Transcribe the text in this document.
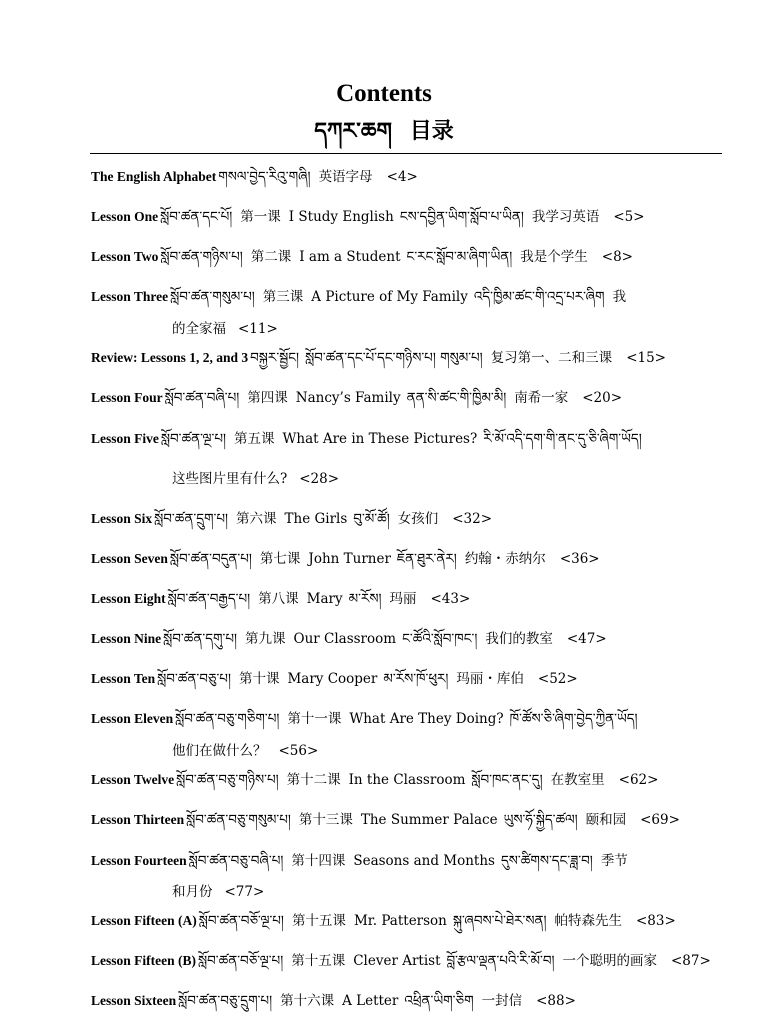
Contents
དཀར་ཆག 目录
The English Alphabet གསལ་བྱེད་རིའུ་གཞི། 英语字母 <4>
Lesson One སློབ་ཚན་དང་པོ། 第一课 I Study English ངས་དབྱིན་ཡིག་སློབ་པ་ཡིན། 我学习英语 <5>
Lesson Two སློབ་ཚན་གཉིས་པ། 第二课 I am a Student ང་རང་སློབ་མ་ཞིག་ཡིན། 我是个学生 <8>
Lesson Three སློབ་ཚན་གསུམ་པ། 第三课 A Picture of My Family འདི་ཁྱིམ་ཚང་གི་འདྲ་པར་ཞིག 我
的全家福 <11>
Review: Lessons 1, 2, and 3 བསྐྱར་སྦྱོང། སློབ་ཚན་དང་པོ་དང་གཉིས་པ། གསུམ་པ། 复习第一、二和三课 <15>
Lesson Four སློབ་ཚན་བཞི་པ། 第四课 Nancy’s Family ནན་སི་ཚང་གི་ཁྱིམ་མི། 南希一家 <20>
Lesson Five སློབ་ཚན་ལྔ་པ། 第五课 What Are in These Pictures? རི་མོ་འདི་དག་གི་ནང་དུ་ཅི་ཞིག་ཡོད།
这些图片里有什么? <28>
Lesson Six སློབ་ཚན་དྲུག་པ། 第六课 The Girls བུ་མོ་ཚོ། 女孩们 <32>
Lesson Seven སློབ་ཚན་བདུན་པ། 第七课 John Turner ཇོན་ཐུར་ནེར། 约翰・赤纳尔 <36>
Lesson Eight སློབ་ཚན་བརྒྱད་པ། 第八课 Mary མ་རོས། 玛丽 <43>
Lesson Nine སློབ་ཚན་དགུ་པ། 第九课 Our Classroom ང་ཚོའི་སློབ་ཁང་། 我们的教室 <47>
Lesson Ten སློབ་ཚན་བཅུ་པ། 第十课 Mary Cooper མ་རོས་ཁོ་ཕུར། 玛丽・库伯 <52>
Lesson Eleven སློབ་ཚན་བཅུ་གཅིག་པ། 第十一课 What Are They Doing? ཁོ་ཚོས་ཅི་ཞིག་བྱེད་ཀྱིན་ཡོད།
他们在做什么？ <56>
Lesson Twelve སློབ་ཚན་བཅུ་གཉིས་པ། 第十二课 In the Classroom སློབ་ཁང་ནང་དུ། 在教室里 <62>
Lesson Thirteen སློབ་ཚན་བཅུ་གསུམ་པ། 第十三课 The Summer Palace ཡུས་ཧོ་སྐྱིད་ཚལ། 颐和园 <69>
Lesson Fourteen སློབ་ཚན་བཅུ་བཞི་པ། 第十四课 Seasons and Months དུས་ཚིགས་དང་ཟླ་བ། 季节
和月份 <77>
Lesson Fifteen (A) སློབ་ཚན་བཅོ་ལྔ་པ། 第十五课 Mr. Patterson སྐུ་ཞབས་པེ་ཐེར་སན། 帕特森先生 <83>
Lesson Fifteen (B) སློབ་ཚན་བཅོ་ལྔ་པ། 第十五课 Clever Artist བློ་རྩལ་ལྡན་པའི་རི་མོ་བ། 一个聪明的画家 <87>
Lesson Sixteen སློབ་ཚན་བཅུ་དྲུག་པ། 第十六课 A Letter འཕྲིན་ཡིག་ཅིག 一封信 <88>
